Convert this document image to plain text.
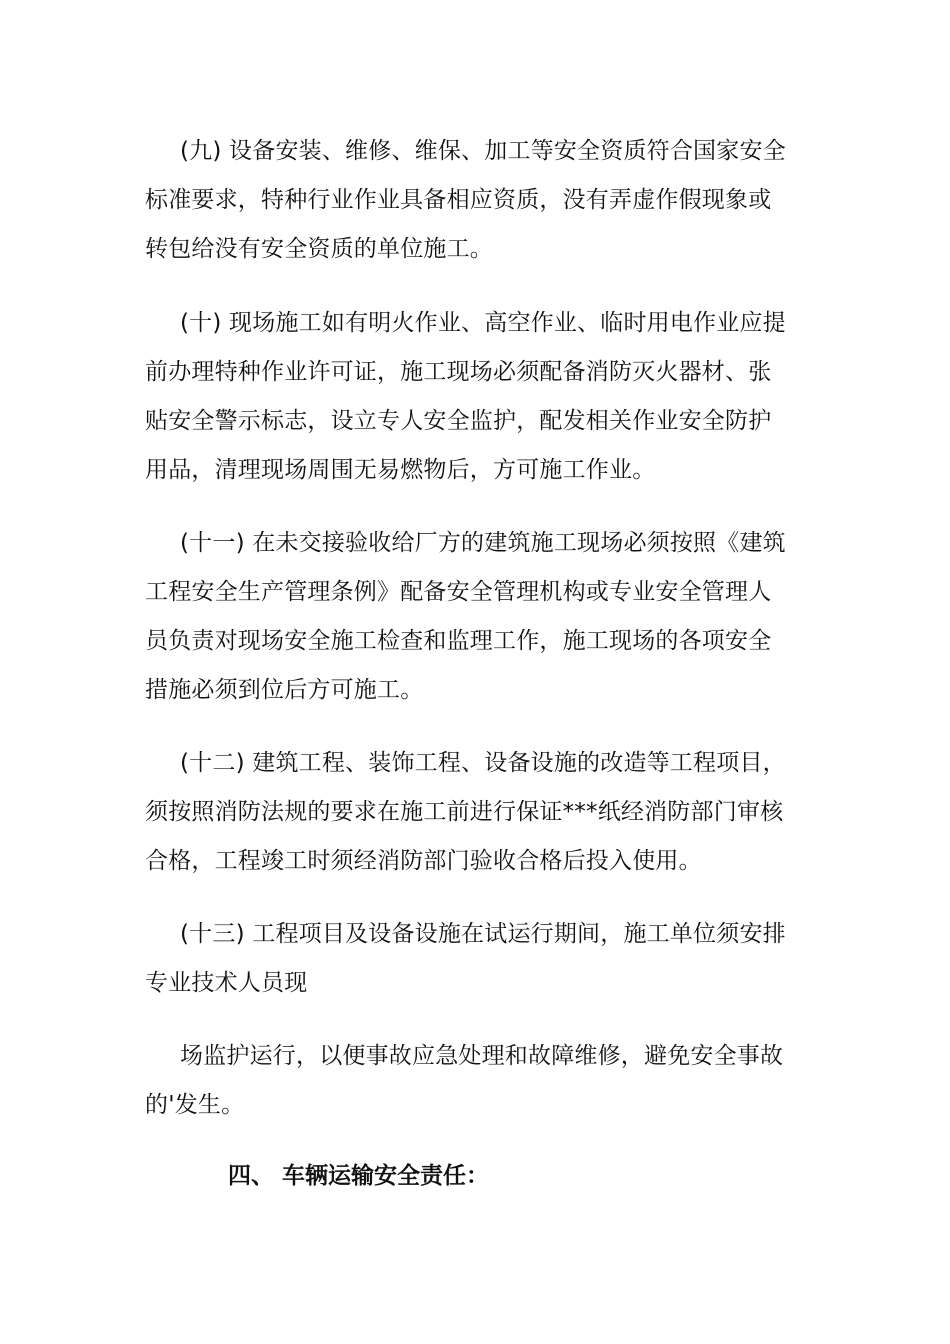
(九) 设备安装、维修、维保、加工等安全资质符合国家安全
标准要求，特种行业作业具备相应资质，没有弄虚作假现象或
转包给没有安全资质的单位施工。
(十) 现场施工如有明火作业、高空作业、临时用电作业应提
前办理特种作业许可证，施工现场必须配备消防灭火器材、张
贴安全警示标志，设立专人安全监护，配发相关作业安全防护
用品，清理现场周围无易燃物后，方可施工作业。
(十一) 在未交接验收给厂方的建筑施工现场必须按照《建筑
工程安全生产管理条例》配备安全管理机构或专业安全管理人
员负责对现场安全施工检查和监理工作，施工现场的各项安全
措施必须到位后方可施工。
(十二) 建筑工程、装饰工程、设备设施的改造等工程项目，
须按照消防法规的要求在施工前进行保证***纸经消防部门审核
合格，工程竣工时须经消防部门验收合格后投入使用。
(十三) 工程项目及设备设施在试运行期间，施工单位须安排
专业技术人员现
场监护运行，以便事故应急处理和故障维修，避免安全事故
的'发生。
四、 车辆运输安全责任：
